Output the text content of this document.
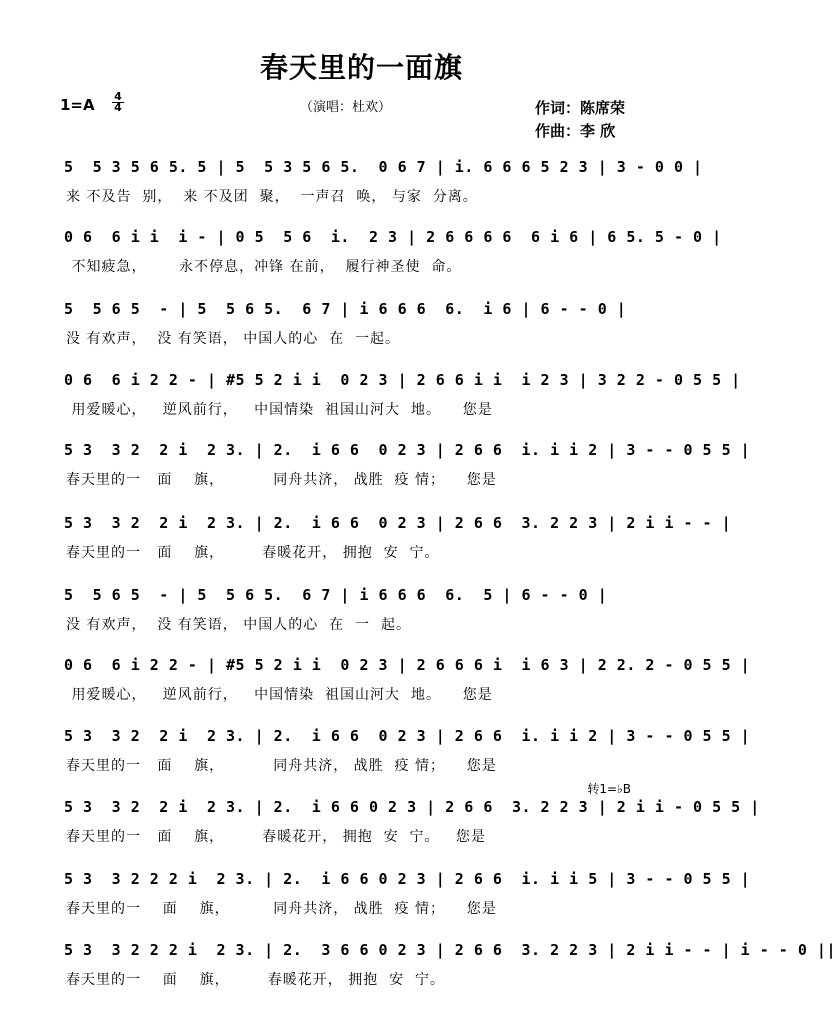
春天里的一面旗
1=A 4
4	（演唱：杜欢）	作词：陈席荣
作曲：李 欣
5  5 3 5 6 5. 5 | 5  5 3 5 6 5.  0 6 7 | i. 6 6 6 5 2 3 | 3 - 0 0 |
来 不及告  别，  来 不及团  聚，  一声召  唤， 与家  分离。
0 6  6 i i  i - | 0 5  5 6  i.  2 3 | 2 6 6 6 6  6 i 6 | 6 5. 5 - 0 |
不知疲急，      永不停息，冲锋 在前，  履行神圣使  命。
5  5 6 5  - | 5  5 6 5.  6 7 | i 6 6 6  6.  i 6 | 6 - - 0 |
没 有欢声，  没 有笑语， 中国人的心  在  一起。
0 6  6 i 2 2 - | #5 5 2 i i  0 2 3 | 2 6 6 i i  i 2 3 | 3 2 2 - 0 5 5 |
用爱暖心，   逆风前行，   中国情染  祖国山河大  地。    您是
5 3  3 2  2 i  2 3. | 2.  i 6 6  0 2 3 | 2 6 6  i. i i 2 | 3 - - 0 5 5 |
春天里的一   面    旗，         同舟共济， 战胜  疫 情；    您是
5 3  3 2  2 i  2 3. | 2.  i 6 6  0 2 3 | 2 6 6  3. 2 2 3 | 2 i i - - |
春天里的一   面    旗，       春暖花开， 拥抱  安  宁。
5  5 6 5  - | 5  5 6 5.  6 7 | i 6 6 6  6.  5 | 6 - - 0 |
没 有欢声，  没 有笑语， 中国人的心  在  一  起。
0 6  6 i 2 2 - | #5 5 2 i i  0 2 3 | 2 6 6 6 i  i 6 3 | 2 2. 2 - 0 5 5 |
用爱暖心，   逆风前行，   中国情染  祖国山河大  地。    您是
5 3  3 2  2 i  2 3. | 2.  i 6 6  0 2 3 | 2 6 6  i. i i 2 | 3 - - 0 5 5 |
春天里的一   面    旗，         同舟共济， 战胜  疫 情；    您是
转1=♭B
5 3  3 2  2 i  2 3. | 2.  i 6 6 0 2 3 | 2 6 6  3. 2 2 3 | 2 i i - 0 5 5 |
春天里的一   面    旗，       春暖花开， 拥抱  安  宁。   您是
5 3  3 2 2 2 i  2 3. | 2.  i 6 6 0 2 3 | 2 6 6  i. i i 5 | 3 - - 0 5 5 |
春天里的一    面    旗，        同舟共济， 战胜  疫 情；    您是
5 3  3 2 2 2 i  2 3. | 2.  3 6 6 0 2 3 | 2 6 6  3. 2 2 3 | 2 i i - - | i - - 0 ||
春天里的一    面    旗，       春暖花开， 拥抱  安  宁。
